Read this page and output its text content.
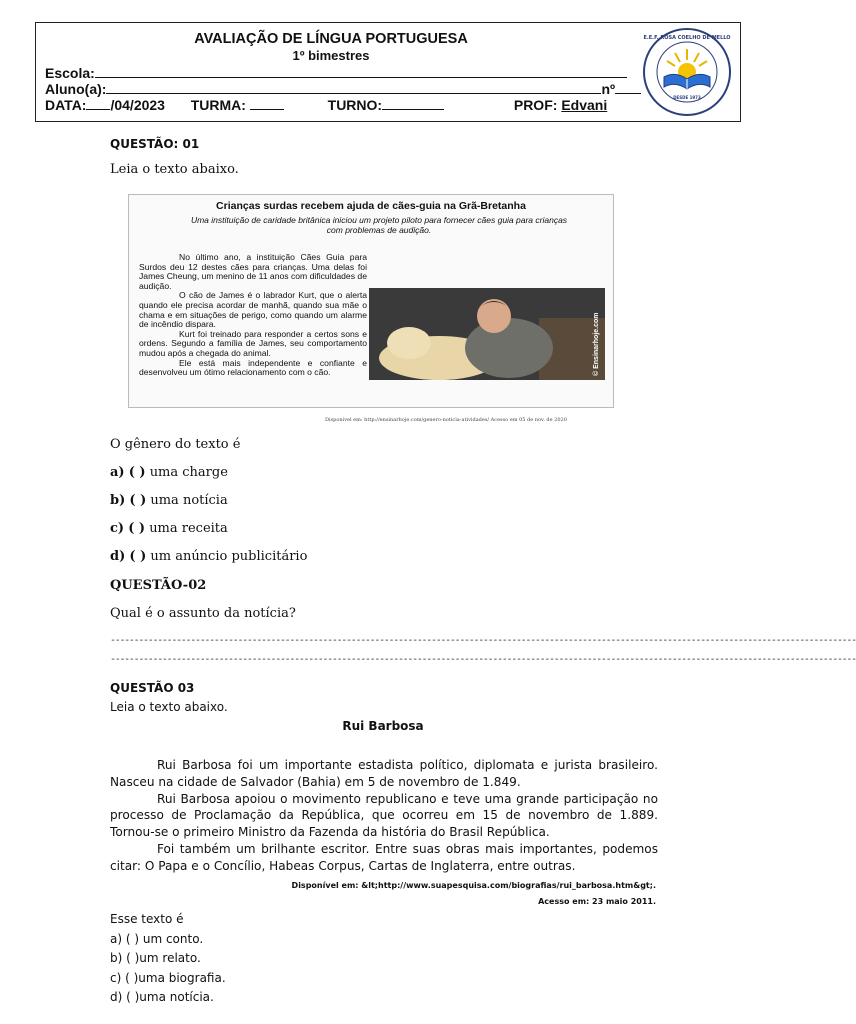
AVALIAÇÃO DE LÍNGUA PORTUGUESA
1º bimestres
Escola:
Aluno(a):	nº
DATA: /04/2023 TURMA:	TURNO:	PROF: Edvani
E.E.F. ROSA COELHO DE MELLO
DESDE 1973
QUESTÃO: 01
Leia o texto abaixo.
Crianças surdas recebem ajuda de cães-guia na Grã-Bretanha
Uma instituição de caridade britânica iniciou um projeto piloto para fornecer cães guia para crianças com problemas de audição.

No último ano, a instituição Cães Guia para Surdos deu 12 destes cães para crianças. Uma delas foi James Cheung, um menino de 11 anos com dificuldades de audição.

O cão de James é o labrador Kurt, que o alerta quando ele precisa acordar de manhã, quando sua mãe o chama e em situações de perigo, como quando um alarme de incêndio dispara.

Kurt foi treinado para responder a certos sons e ordens. Segundo a família de James, seu comportamento mudou após a chegada do animal.

Ele está mais independente e confiante e desenvolveu um ótimo relacionamento com o cão.	© Ensinarhoje.com
Disponível em: http://ensinarhoje.com/genero-noticia-atividades/ Acesso em 05 de nov. de 2020
O gênero do texto é
a) ( ) uma charge
b) ( ) uma notícia
c) ( ) uma receita
d) ( ) um anúncio publicitário
QUESTÃO-02
Qual é o assunto da notícia?
--------------------------------------------------------------------------------------------------------------------------------------------------------------
--------------------------------------------------------------------------------------------------------------------------------------------------------------
QUESTÃO 03
Leia o texto abaixo.
Rui Barbosa

Rui Barbosa foi um importante estadista político, diplomata e jurista brasileiro. Nasceu na cidade de Salvador (Bahia) em 5 de novembro de 1.849.

Rui Barbosa apoiou o movimento republicano e teve uma grande participação no processo de Proclamação da República, que ocorreu em 15 de novembro de 1.889. Tornou-se o primeiro Ministro da Fazenda da história do Brasil República.

Foi também um brilhante escritor. Entre suas obras mais importantes, podemos citar: O Papa e o Concílio, Habeas Corpus, Cartas de Inglaterra, entre outras.

Disponível em: &lt;http://www.suapesquisa.com/biografias/rui_barbosa.htm&gt;.
Acesso em: 23 maio 2011.
Esse texto é
a) ( ) um conto.
b) ( )um relato.
c) ( )uma biografia.
d) ( )uma notícia.
